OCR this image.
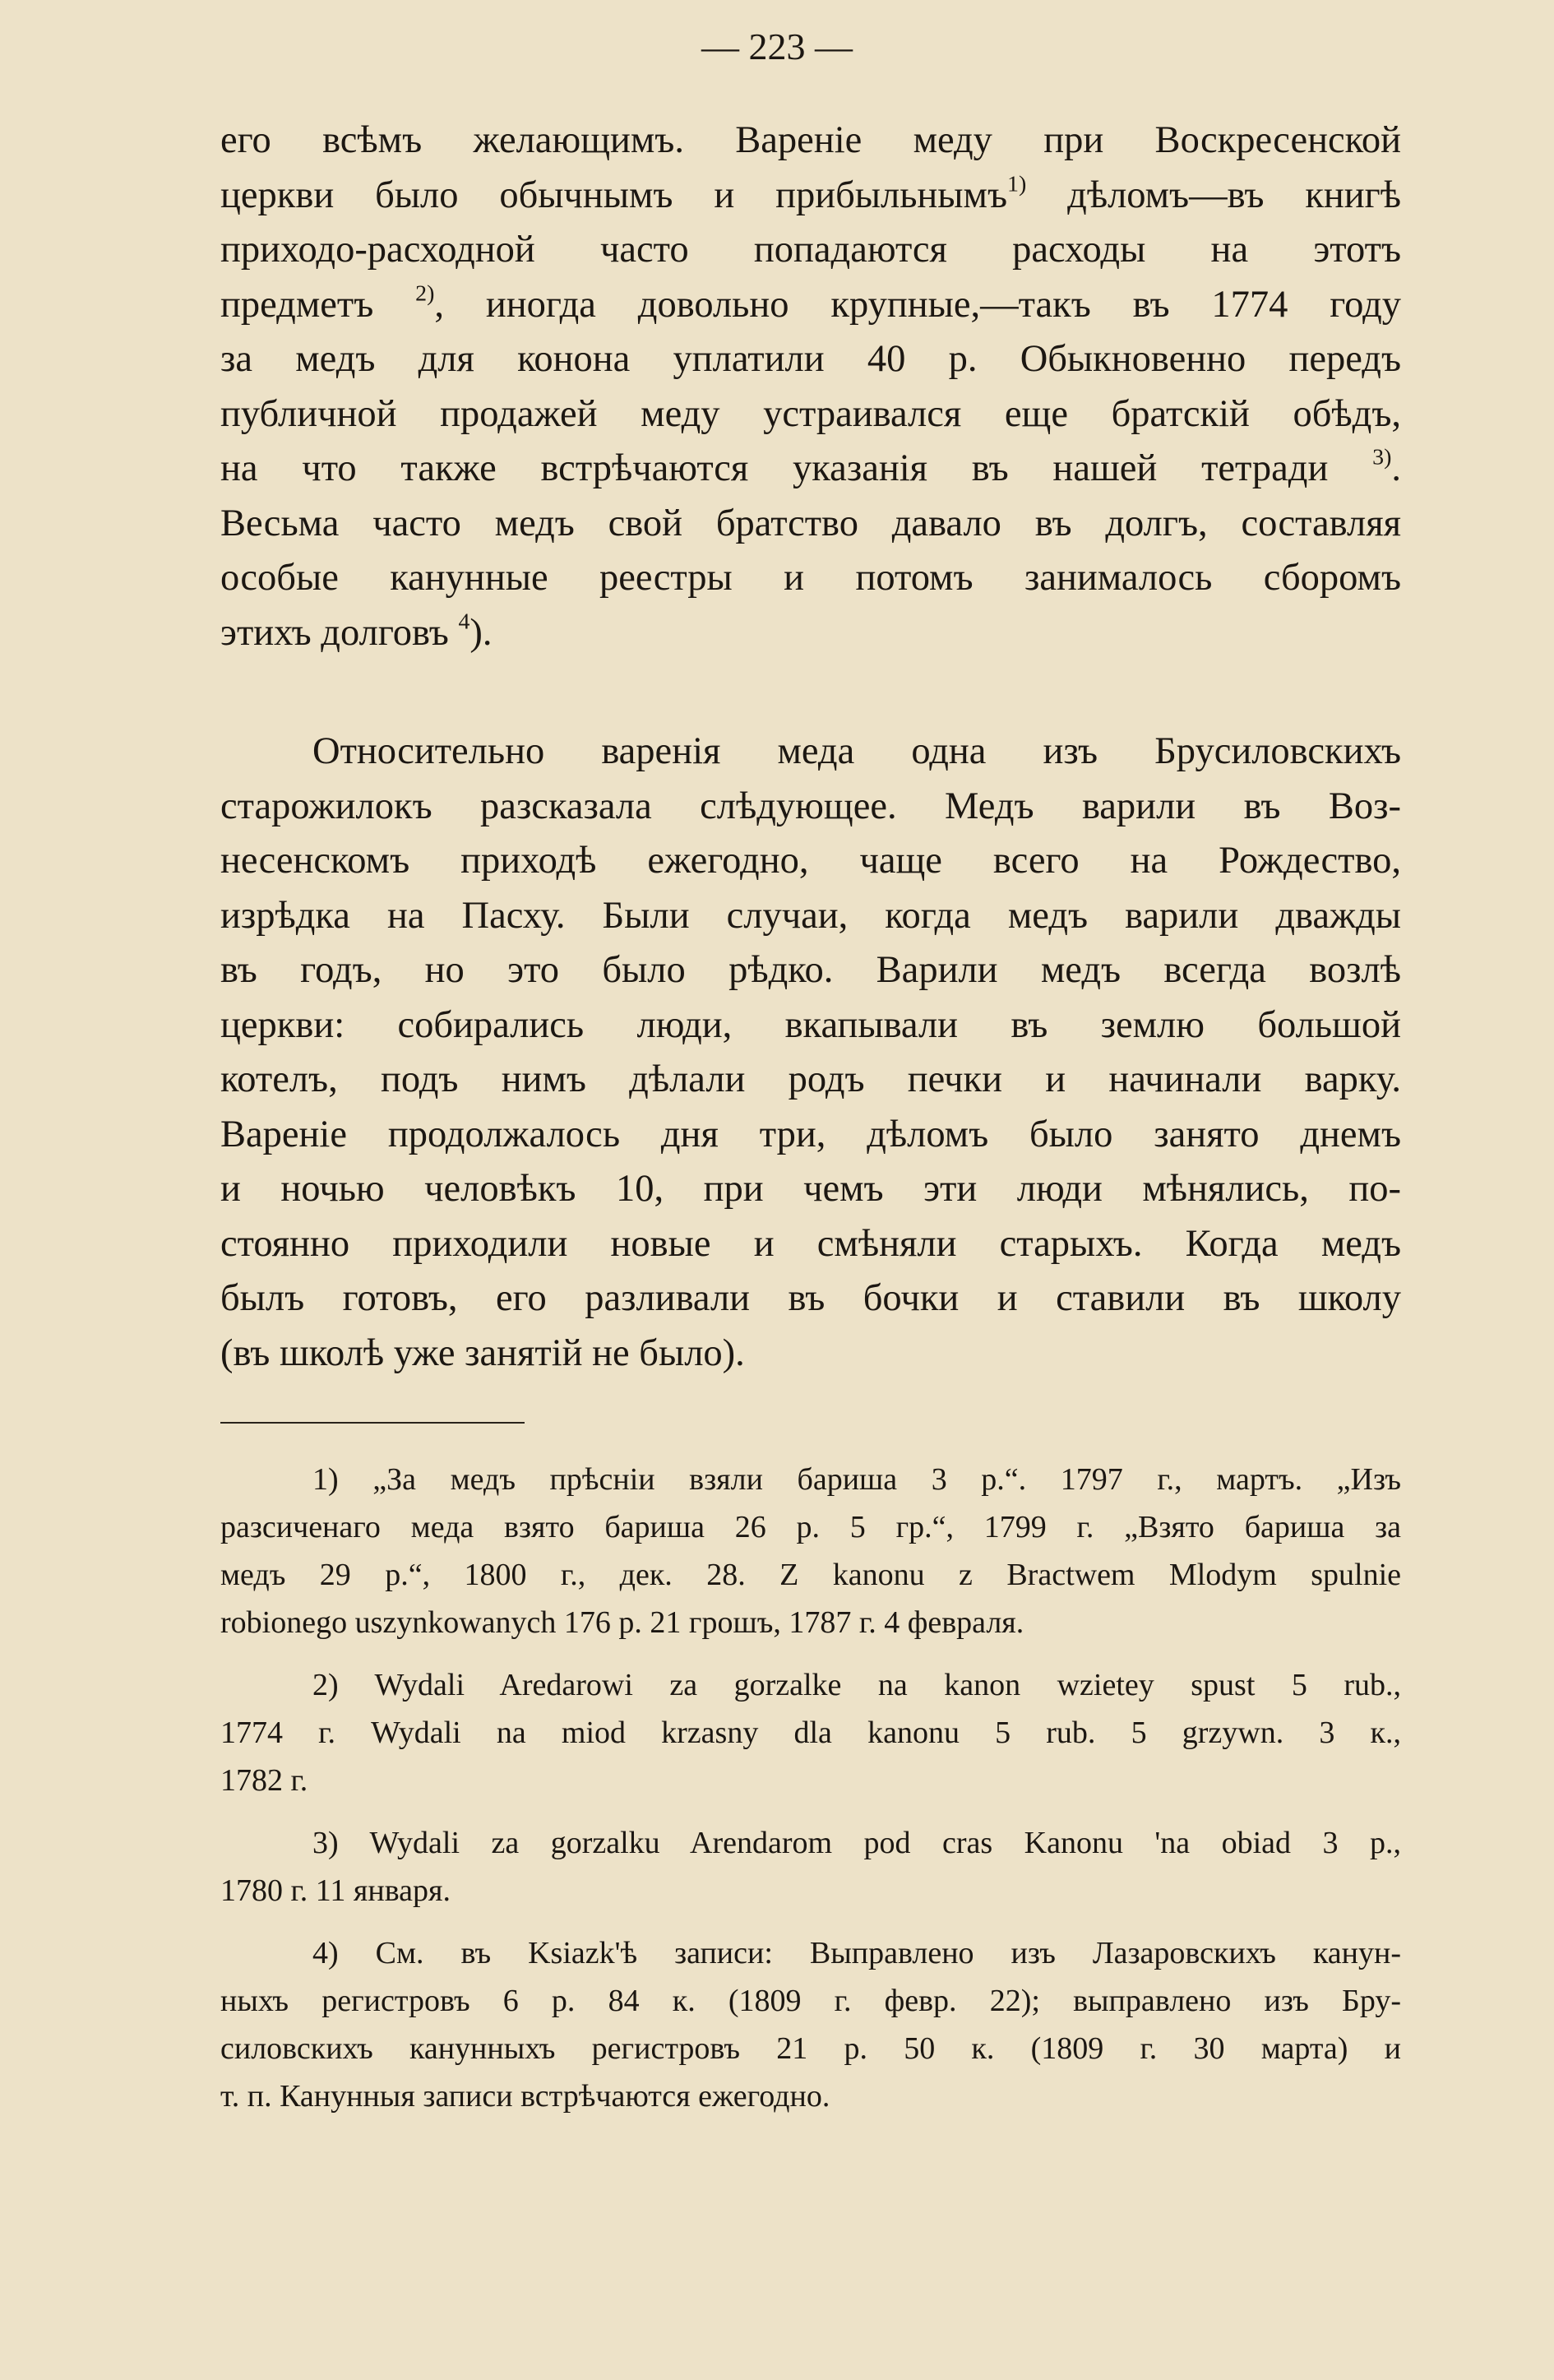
— 223 —
его всѣмъ желающимъ. Вареніе меду при Воскресенской
церкви было обычнымъ и прибыльнымъ$^{1)}$ дѣломъ—въ книгѣ
приходо-расходной часто попадаются расходы на этотъ
предметъ $^{2)}$, иногда довольно крупные,—такъ въ 1774 году
за медъ для конона уплатили 40 р. Обыкновенно передъ
публичной продажей меду устраивался еще братскій обѣдъ,
на что также встрѣчаются указанія въ нашей тетради $^{3)}$.
Весьма часто медъ свой братство давало въ долгъ, составляя
особые канунные реестры и потомъ занималось сборомъ
этихъ долговъ $^4$).
Относительно варенія меда одна изъ Брусиловскихъ
старожилокъ разсказала слѣдующее. Медъ варили въ Воз-
несенскомъ приходѣ ежегодно, чаще всего на Рождество,
изрѣдка на Пасху. Были случаи, когда медъ варили дважды
въ годъ, но это было рѣдко. Варили медъ всегда возлѣ
церкви: собирались люди, вкапывали въ землю большой
котелъ, подъ нимъ дѣлали родъ печки и начинали варку.
Вареніе продолжалось дня три, дѣломъ было занято днемъ
и ночью человѣкъ 10, при чемъ эти люди мѣнялись, по-
стоянно приходили новые и смѣняли старыхъ. Когда медъ
былъ готовъ, его разливали въ бочки и ставили въ школу
(въ школѣ уже занятій не было).
1) „За медъ прѣсніи взяли бариша 3 р.“. 1797 г., мартъ. „Изъ
разсиченаго меда взято бариша 26 р. 5 гр.“, 1799 г. „Взято бариша за
медъ 29 р.“, 1800 г., дек. 28. Z kanonu z Bractwem Mlodym spulnie
robionego uszynkowanych 176 р. 21 грошъ, 1787 г. 4 февраля.
2) Wydali Aredarowi za gorzalke na kanon wzietey spust 5 rub.,
1774 г. Wydali na miod krzasny dla kanonu 5 rub. 5 grzywn. 3 к.,
1782 г.
3) Wydali za gorzalku Arendarom pod cras Kanonu 'na obiad 3 р.,
1780 г. 11 января.
4) См. въ Ksiazk'ѣ записи: Выправлено изъ Лазаровскихъ канун-
ныхъ регистровъ 6 р. 84 к. (1809 г. февр. 22); выправлено изъ Бру-
силовскихъ канунныхъ регистровъ 21 р. 50 к. (1809 г. 30 марта) и
т. п. Канунныя записи встрѣчаются ежегодно.
